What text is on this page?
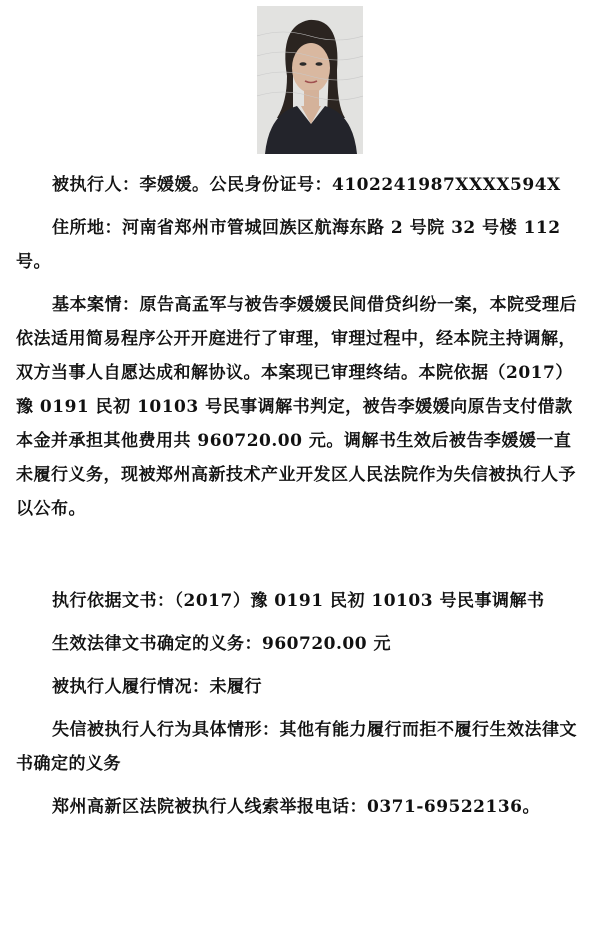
被执行人：李媛媛。公民身份证号：4102241987XXXX594X

住所地：河南省郑州市管城回族区航海东路 2 号院 32 号楼 112 号。

基本案情：原告高孟军与被告李媛媛民间借贷纠纷一案，本院受理后依法适用简易程序公开开庭进行了审理，审理过程中，经本院主持调解，双方当事人自愿达成和解协议。本案现已审理终结。本院依据（2017）豫 0191 民初 10103 号民事调解书判定，被告李媛媛向原告支付借款本金并承担其他费用共 960720.00 元。调解书生效后被告李媛媛一直未履行义务，现被郑州高新技术产业开发区人民法院作为失信被执行人予以公布。

执行依据文书：（2017）豫 0191 民初 10103 号民事调解书

生效法律文书确定的义务：960720.00 元

被执行人履行情况：未履行

失信被执行人行为具体情形：其他有能力履行而拒不履行生效法律文书确定的义务

郑州高新区法院被执行人线索举报电话：0371-69522136。
